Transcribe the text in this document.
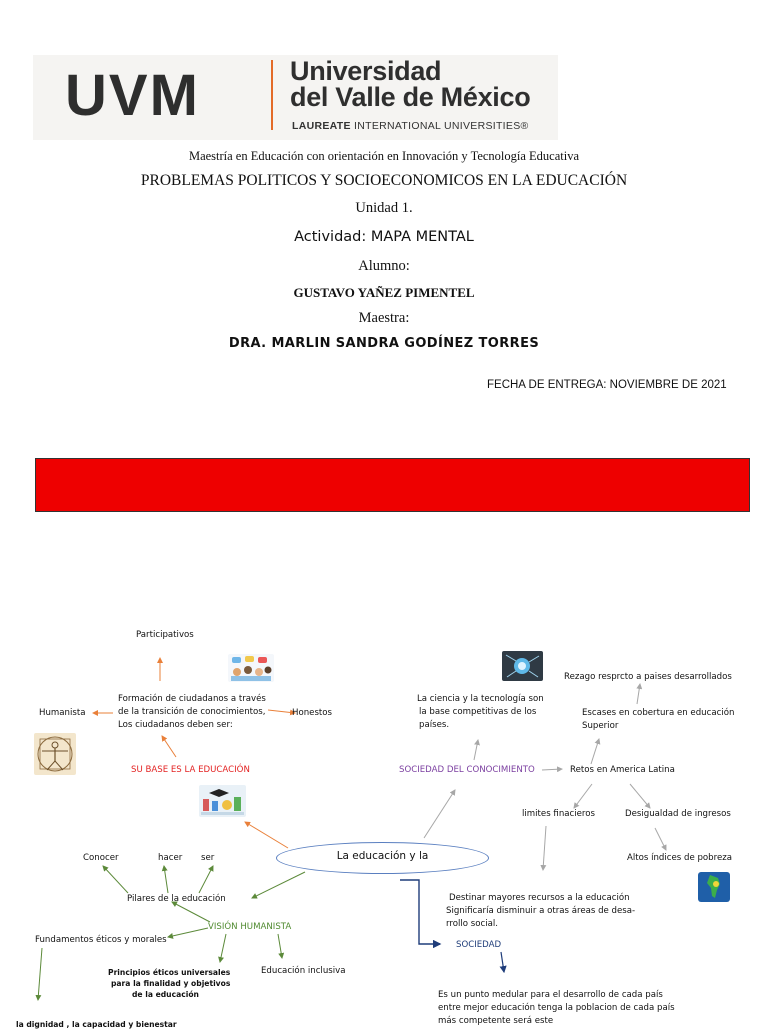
UVM	Universidad
del Valle de México
LAUREATE INTERNATIONAL UNIVERSITIES®
Maestría en Educación con orientación en Innovación y Tecnología Educativa
PROBLEMAS POLITICOS Y SOCIOECONOMICOS EN LA EDUCACIÓN
Unidad 1.
Actividad: MAPA MENTAL
Alumno:
GUSTAVO YAÑEZ PIMENTEL
Maestra:
DRA. MARLIN SANDRA GODÍNEZ TORRES
FECHA DE ENTREGA: NOVIEMBRE DE 2021
Participativos
Formación de ciudadanos a través
de la transición de conocimientos,
Los ciudadanos deben ser:
Humanista	Honestos
SU BASE ES LA EDUCACIÓN
Conocer	hacer ser
Pilares de la educación
VISIÓN HUMANISTA
Fundamentos éticos y morales
Principios éticos universales
para la finalidad y objetivos
de la educación
Educación inclusiva
la dignidad , la capacidad y bienestar
La educación y la
La ciencia y la tecnología son
la base competitivas de los
países.
Rezago resprcto a paises desarrollados
Escases en cobertura en educación
Superior
SOCIEDAD DEL CONOCIMIENTO	Retos en America Latina
limites finacieros	Desigualdad de ingresos
Altos índices de pobreza
Destinar mayores recursos a la educación
Significaría disminuir a otras áreas de desa-
rrollo social.
SOCIEDAD
Es un punto medular para el desarrollo de cada país
entre mejor educación tenga la poblacion de cada país
más competente será este
